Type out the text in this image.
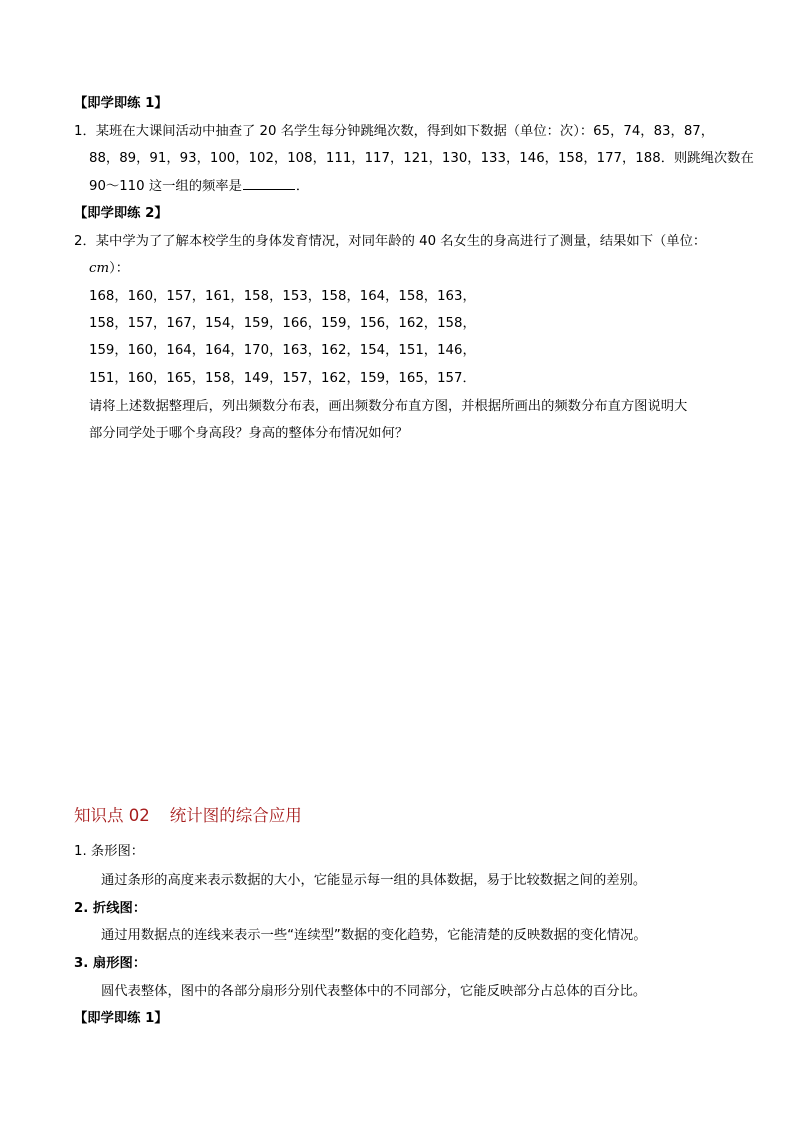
【即学即练 1】
1．某班在大课间活动中抽查了 20 名学生每分钟跳绳次数，得到如下数据（单位：次）：65，74，83，87，
88，89，91，93，100，102，108，111，117，121，130，133，146，158，177，188．则跳绳次数在
90～110 这一组的频率是	．
【即学即练 2】
2．某中学为了了解本校学生的身体发育情况，对同年龄的 40 名女生的身高进行了测量，结果如下（单位：
cm）：
168，160，157，161，158，153，158，164，158，163，
158，157，167，154，159，166，159，156，162，158，
159，160，164，164，170，163，162，154，151，146，
151，160，165，158，149，157，162，159，165，157．
请将上述数据整理后，列出频数分布表，画出频数分布直方图，并根据所画出的频数分布直方图说明大
部分同学处于哪个身高段？身高的整体分布情况如何？
知识点 02 统计图的综合应用
1. 条形图：
通过条形的高度来表示数据的大小，它能显示每一组的具体数据，易于比较数据之间的差别。
2. 折线图：
通过用数据点的连线来表示一些“连续型”数据的变化趋势，它能清楚的反映数据的变化情况。
3. 扇形图：
圆代表整体，图中的各部分扇形分别代表整体中的不同部分，它能反映部分占总体的百分比。
【即学即练 1】
